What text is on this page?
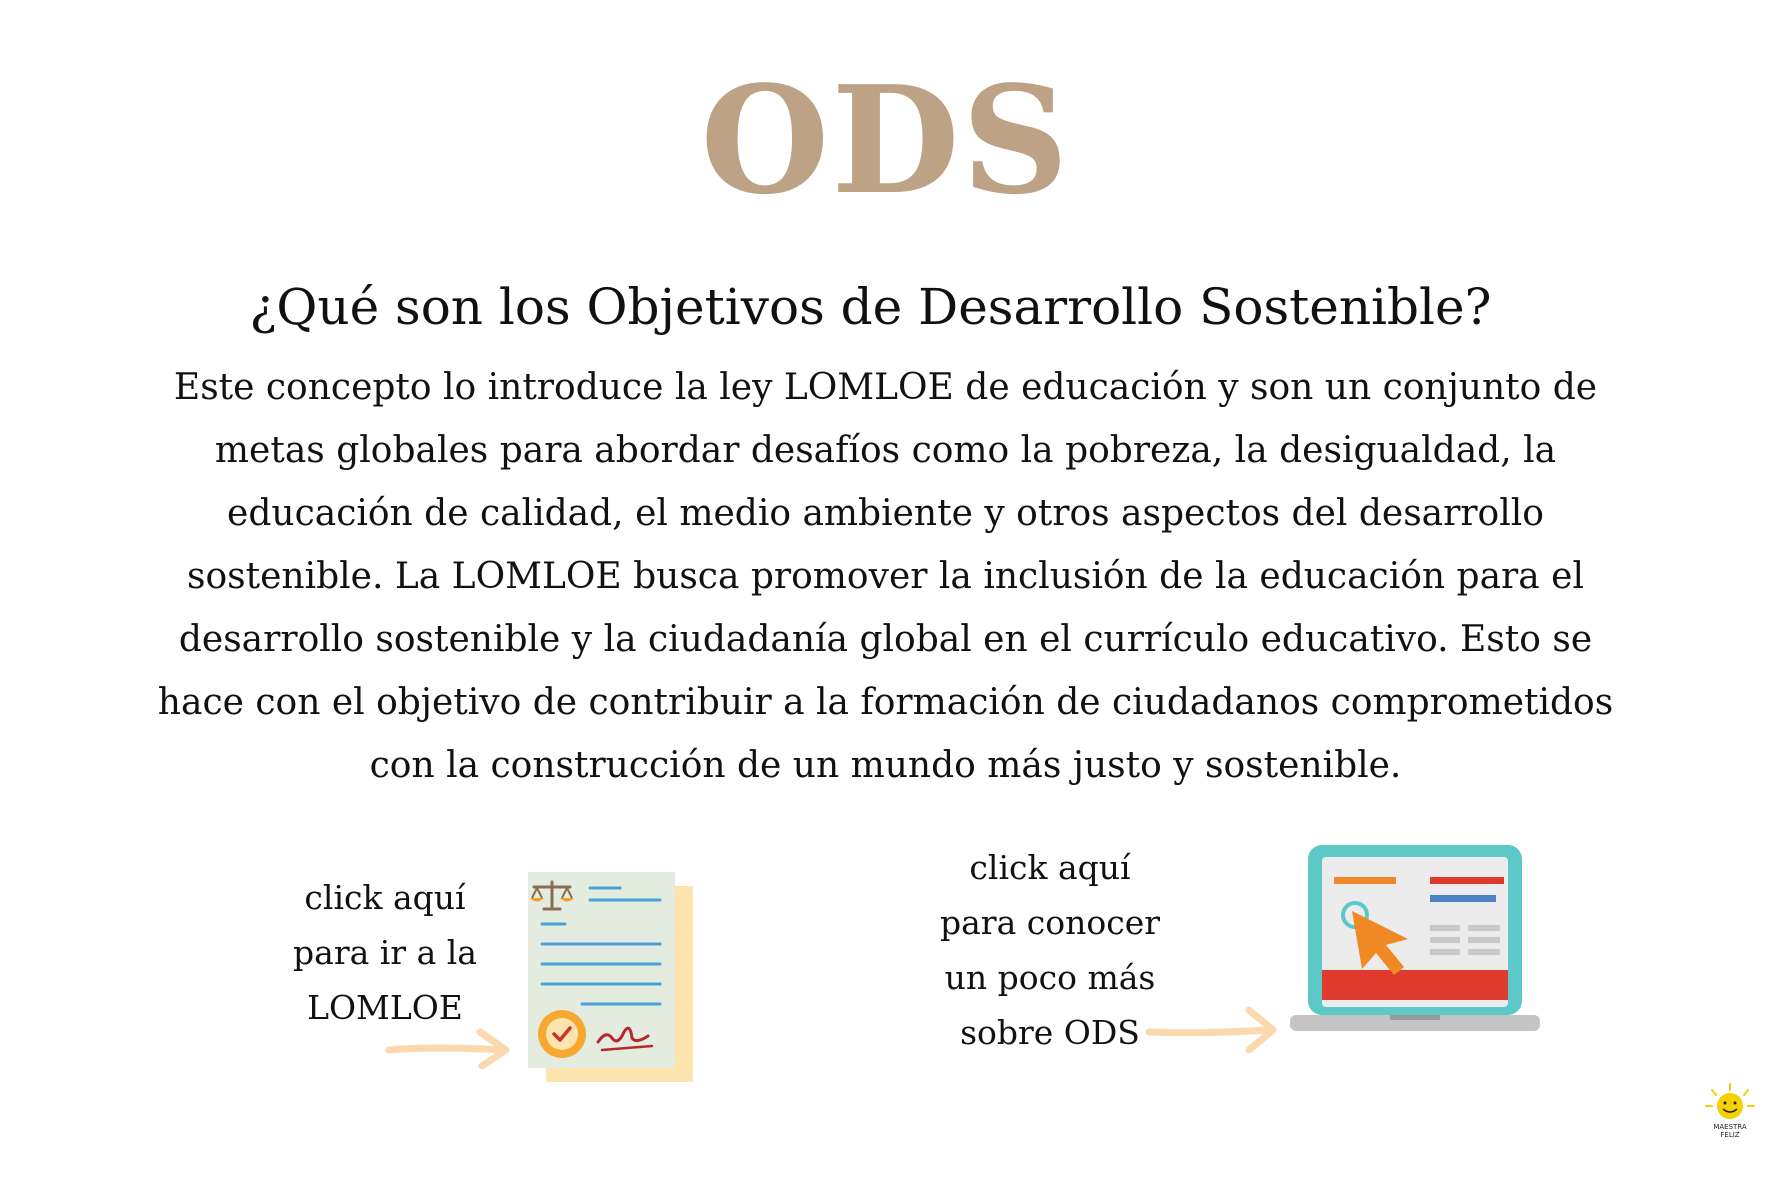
ODS
¿Qué son los Objetivos de Desarrollo Sostenible?
Este concepto lo introduce la ley LOMLOE de educación y son un conjunto de
metas globales para abordar desafíos como la pobreza, la desigualdad, la
educación de calidad, el medio ambiente y otros aspectos del desarrollo
sostenible. La LOMLOE busca promover la inclusión de la educación para el
desarrollo sostenible y la ciudadanía global en el currículo educativo. Esto se
hace con el objetivo de contribuir a la formación de ciudadanos comprometidos
con la construcción de un mundo más justo y sostenible.
click aquí
para ir a la
LOMLOE
click aquí
para conocer
un poco más
sobre ODS
MAESTRA
FELIZ
